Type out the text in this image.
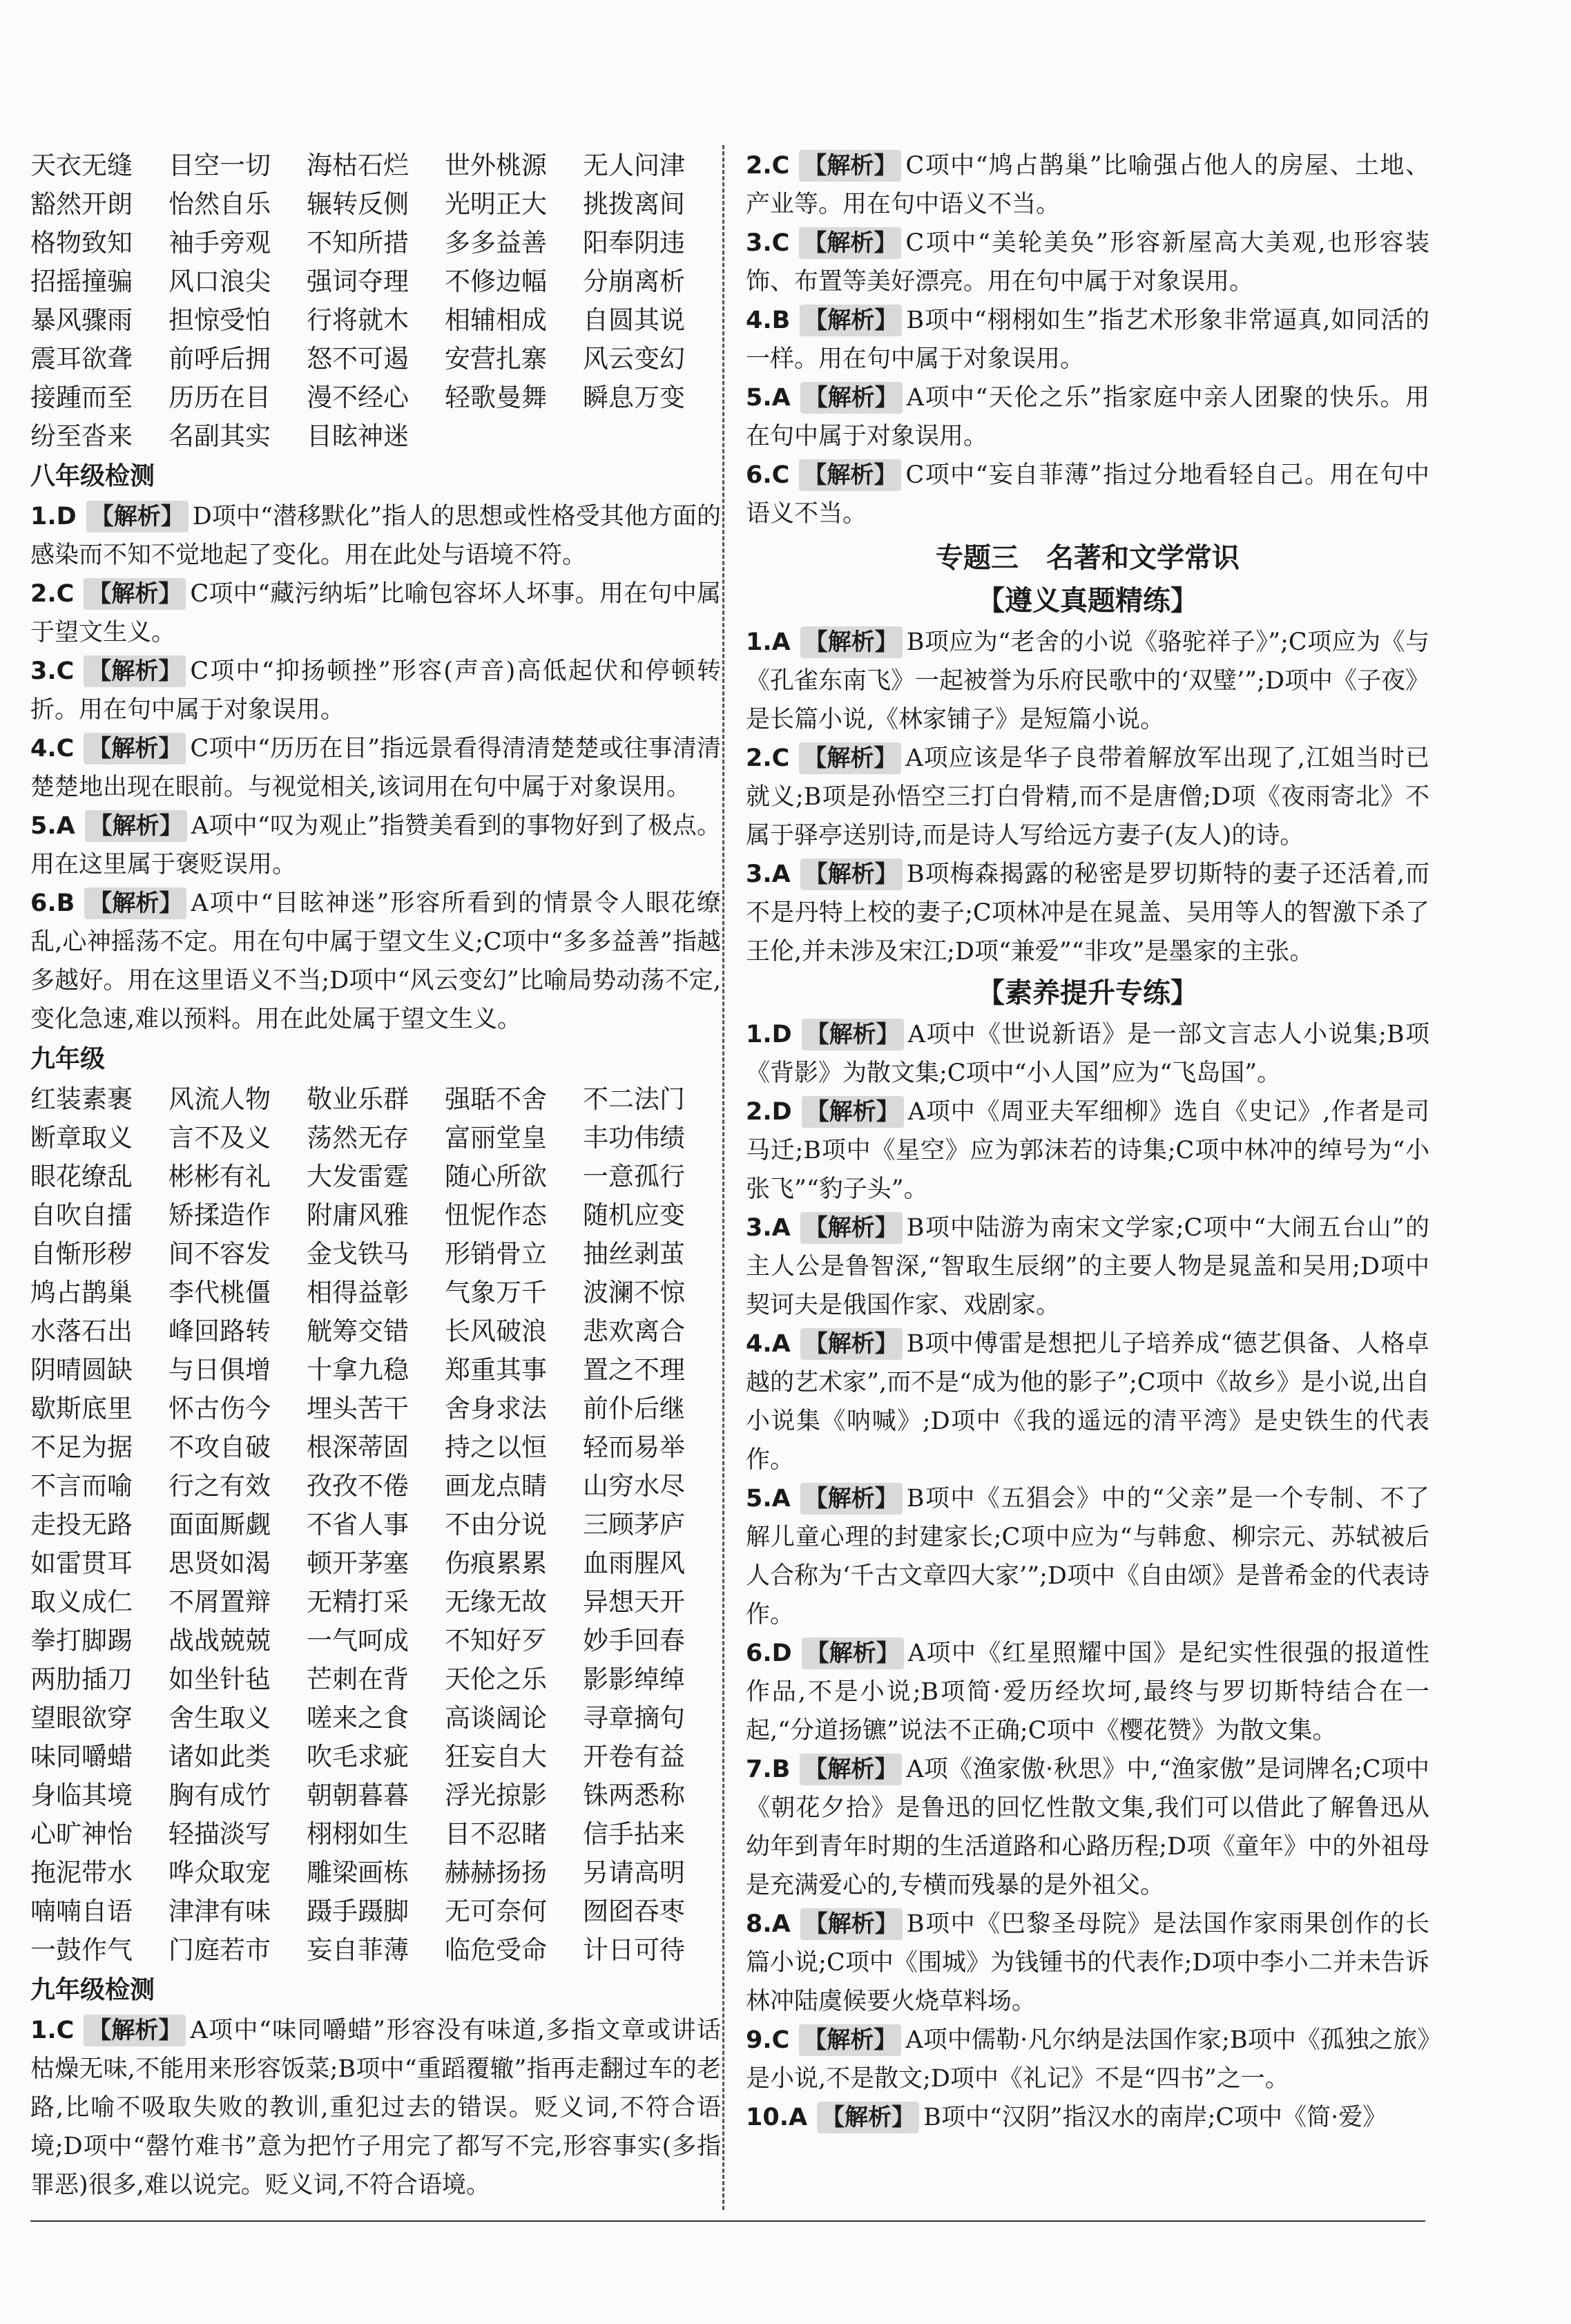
天衣无缝	目空一切	海枯石烂	世外桃源	无人问津
豁然开朗	怡然自乐	辗转反侧	光明正大	挑拨离间
格物致知	袖手旁观	不知所措	多多益善	阳奉阴违
招摇撞骗	风口浪尖	强词夺理	不修边幅	分崩离析
暴风骤雨	担惊受怕	行将就木	相辅相成	自圆其说
震耳欲聋	前呼后拥	怒不可遏	安营扎寨	风云变幻
接踵而至	历历在目	漫不经心	轻歌曼舞	瞬息万变
纷至沓来	名副其实	目眩神迷
八年级检测

1.D 【解析】 D项中“潜移默化”指人的思想或性格受其他方面的感染而不知不觉地起了变化。用在此处与语境不符。

2.C 【解析】 C项中“藏污纳垢”比喻包容坏人坏事。用在句中属于望文生义。

3.C 【解析】 C项中“抑扬顿挫”形容(声音)高低起伏和停顿转折。用在句中属于对象误用。

4.C 【解析】 C项中“历历在目”指远景看得清清楚楚或往事清清楚楚地出现在眼前。与视觉相关,该词用在句中属于对象误用。

5.A 【解析】 A项中“叹为观止”指赞美看到的事物好到了极点。用在这里属于褒贬误用。

6.B 【解析】 A项中“目眩神迷”形容所看到的情景令人眼花缭乱,心神摇荡不定。用在句中属于望文生义;C项中“多多益善”指越多越好。用在这里语义不当;D项中“风云变幻”比喻局势动荡不定,变化急速,难以预料。用在此处属于望文生义。

九年级
红装素裹	风流人物	敬业乐群	强聒不舍	不二法门
断章取义	言不及义	荡然无存	富丽堂皇	丰功伟绩
眼花缭乱	彬彬有礼	大发雷霆	随心所欲	一意孤行
自吹自擂	矫揉造作	附庸风雅	忸怩作态	随机应变
自惭形秽	间不容发	金戈铁马	形销骨立	抽丝剥茧
鸠占鹊巢	李代桃僵	相得益彰	气象万千	波澜不惊
水落石出	峰回路转	觥筹交错	长风破浪	悲欢离合
阴晴圆缺	与日俱增	十拿九稳	郑重其事	置之不理
歇斯底里	怀古伤今	埋头苦干	舍身求法	前仆后继
不足为据	不攻自破	根深蒂固	持之以恒	轻而易举
不言而喻	行之有效	孜孜不倦	画龙点睛	山穷水尽
走投无路	面面厮觑	不省人事	不由分说	三顾茅庐
如雷贯耳	思贤如渴	顿开茅塞	伤痕累累	血雨腥风
取义成仁	不屑置辩	无精打采	无缘无故	异想天开
拳打脚踢	战战兢兢	一气呵成	不知好歹	妙手回春
两肋插刀	如坐针毡	芒刺在背	天伦之乐	影影绰绰
望眼欲穿	舍生取义	嗟来之食	高谈阔论	寻章摘句
味同嚼蜡	诸如此类	吹毛求疵	狂妄自大	开卷有益
身临其境	胸有成竹	朝朝暮暮	浮光掠影	铢两悉称
心旷神怡	轻描淡写	栩栩如生	目不忍睹	信手拈来
拖泥带水	哗众取宠	雕梁画栋	赫赫扬扬	另请高明
喃喃自语	津津有味	蹑手蹑脚	无可奈何	囫囵吞枣
一鼓作气	门庭若市	妄自菲薄	临危受命	计日可待
九年级检测

1.C 【解析】 A项中“味同嚼蜡”形容没有味道,多指文章或讲话枯燥无味,不能用来形容饭菜;B项中“重蹈覆辙”指再走翻过车的老路,比喻不吸取失败的教训,重犯过去的错误。贬义词,不符合语境;D项中“罄竹难书”意为把竹子用完了都写不完,形容事实(多指罪恶)很多,难以说完。贬义词,不符合语境。

2.C 【解析】 C项中“鸠占鹊巢”比喻强占他人的房屋、土地、产业等。用在句中语义不当。

3.C 【解析】 C项中“美轮美奂”形容新屋高大美观,也形容装饰、布置等美好漂亮。用在句中属于对象误用。

4.B 【解析】 B项中“栩栩如生”指艺术形象非常逼真,如同活的一样。用在句中属于对象误用。

5.A 【解析】 A项中“天伦之乐”指家庭中亲人团聚的快乐。用在句中属于对象误用。

6.C 【解析】 C项中“妄自菲薄”指过分地看轻自己。用在句中语义不当。

专题三　名著和文学常识
【遵义真题精练】

1.A 【解析】 B项应为“老舍的小说《骆驼祥子》”;C项应为《与《孔雀东南飞》一起被誉为乐府民歌中的‘双璧’”;D项中《子夜》是长篇小说,《林家铺子》是短篇小说。

2.C 【解析】 A项应该是华子良带着解放军出现了,江姐当时已就义;B项是孙悟空三打白骨精,而不是唐僧;D项《夜雨寄北》不属于驿亭送别诗,而是诗人写给远方妻子(友人)的诗。

3.A 【解析】 B项梅森揭露的秘密是罗切斯特的妻子还活着,而不是丹特上校的妻子;C项林冲是在晁盖、吴用等人的智激下杀了王伦,并未涉及宋江;D项“兼爱”“非攻”是墨家的主张。

【素养提升专练】

1.D 【解析】 A项中《世说新语》是一部文言志人小说集;B项《背影》为散文集;C项中“小人国”应为“飞岛国”。

2.D 【解析】 A项中《周亚夫军细柳》选自《史记》,作者是司马迁;B项中《星空》应为郭沫若的诗集;C项中林冲的绰号为“小张飞”“豹子头”。

3.A 【解析】 B项中陆游为南宋文学家;C项中“大闹五台山”的主人公是鲁智深,“智取生辰纲”的主要人物是晁盖和吴用;D项中契诃夫是俄国作家、戏剧家。

4.A 【解析】 B项中傅雷是想把儿子培养成“德艺俱备、人格卓越的艺术家”,而不是“成为他的影子”;C项中《故乡》是小说,出自小说集《呐喊》;D项中《我的遥远的清平湾》是史铁生的代表作。

5.A 【解析】 B项中《五猖会》中的“父亲”是一个专制、不了解儿童心理的封建家长;C项中应为“与韩愈、柳宗元、苏轼被后人合称为‘千古文章四大家’”;D项中《自由颂》是普希金的代表诗作。

6.D 【解析】 A项中《红星照耀中国》是纪实性很强的报道性作品,不是小说;B项简·爱历经坎坷,最终与罗切斯特结合在一起,“分道扬镳”说法不正确;C项中《樱花赞》为散文集。

7.B 【解析】 A项《渔家傲·秋思》中,“渔家傲”是词牌名;C项中《朝花夕拾》是鲁迅的回忆性散文集,我们可以借此了解鲁迅从幼年到青年时期的生活道路和心路历程;D项《童年》中的外祖母是充满爱心的,专横而残暴的是外祖父。

8.A 【解析】 B项中《巴黎圣母院》是法国作家雨果创作的长篇小说;C项中《围城》为钱锺书的代表作;D项中李小二并未告诉林冲陆虞候要火烧草料场。

9.C 【解析】 A项中儒勒·凡尔纳是法国作家;B项中《孤独之旅》是小说,不是散文;D项中《礼记》不是“四书”之一。

10.A 【解析】 B项中“汉阴”指汉水的南岸;C项中《简·爱》
